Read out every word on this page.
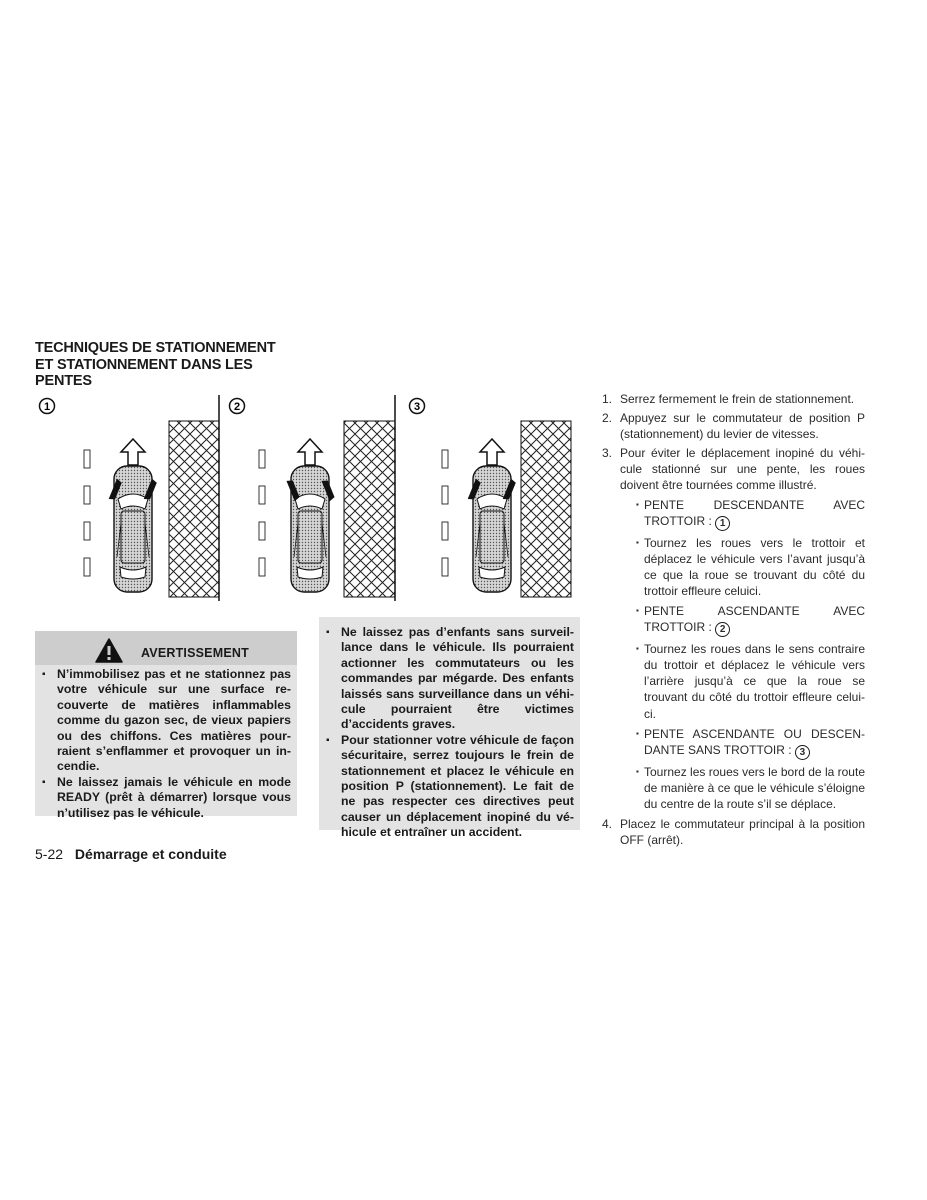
TECHNIQUES DE STATIONNEMENT
ET STATIONNEMENT DANS LES
PENTES
1	2	3
AVERTISSEMENT
▪ N’immobilisez pas et ne stationnez pas votre véhicule sur une surface recouverte de matières inflammables comme du gazon sec, de vieux papiers ou des chiffons. Ces matières pourraient s’enflammer et provoquer un incendie.
▪ Ne laissez jamais le véhicule en mode READY (prêt à démarrer) lorsque vous n’utilisez pas le véhicule.
▪ Ne laissez pas d’enfants sans surveillance dans le véhicule. Ils pourraient actionner les commutateurs ou les commandes par mégarde. Des enfants laissés sans surveillance dans un véhicule pourraient être victimes d’accidents graves.
▪ Pour stationner votre véhicule de façon sécuritaire, serrez toujours le frein de stationnement et placez le véhicule en position P (stationnement). Le fait de ne pas respecter ces directives peut causer un déplacement inopiné du véhicule et entraîner un accident.
1. Serrez fermement le frein de stationnement.
2. Appuyez sur le commutateur de position P (stationnement) du levier de vitesses.
3. Pour éviter le déplacement inopiné du véhicule stationné sur une pente, les roues doivent être tournées comme illustré.
▪ PENTE DESCENDANTE AVEC TROTTOIR : 1
▪ Tournez les roues vers le trottoir et déplacez le véhicule vers l’avant jusqu’à ce que la roue se trouvant du côté du trottoir effleure celuici.
▪ PENTE ASCENDANTE AVEC TROTTOIR : 2
▪ Tournez les roues dans le sens contraire du trottoir et déplacez le véhicule vers l’arrière jusqu’à ce que la roue se trouvant du côté du trottoir effleure celui-ci.
▪ PENTE ASCENDANTE OU DESCENDANTE SANS TROTTOIR : 3
▪ Tournez les roues vers le bord de la route de manière à ce que le véhicule s’éloigne du centre de la route s’il se déplace.
4. Placez le commutateur principal à la position OFF (arrêt).
5-22 Démarrage et conduite
